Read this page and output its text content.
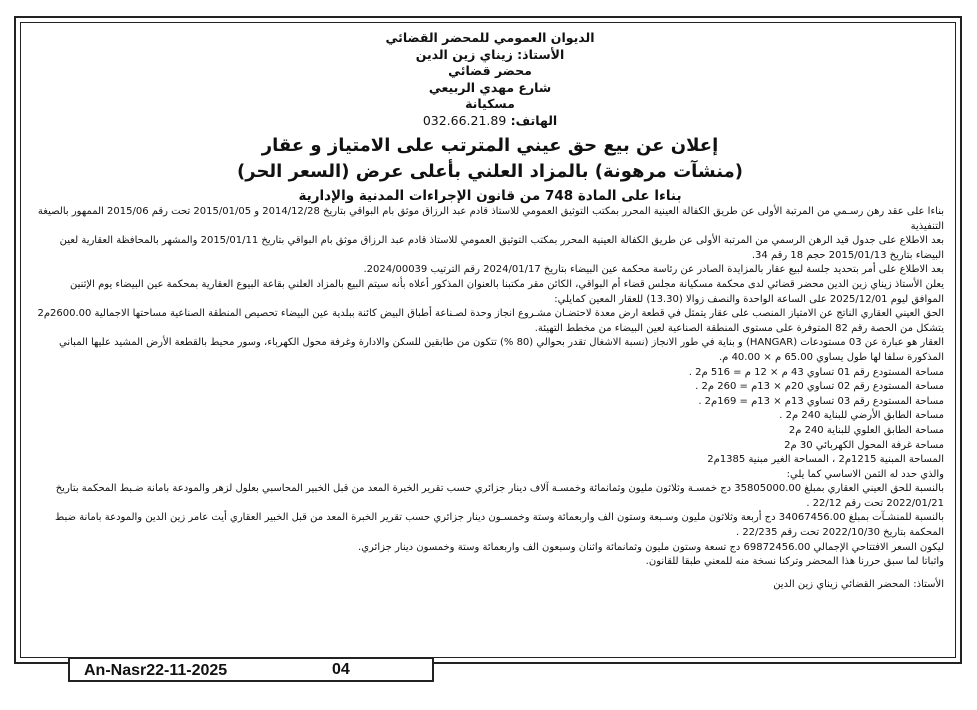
الديوان العمومي للمحضر القضائي
الأستاذ: زيناي زين الدين
محضر قضائي
شارع مهدي الربيعي
مسكيانة
الهاتف: 032.66.21.89
إعلان عن بيع حق عيني المترتب على الامتياز و عقار
(منشآت مرهونة) بالمزاد العلني بأعلى عرض (السعر الحر)
بناءا على المادة 748 من قانون الإجراءات المدنية والإدارية

بناءا على عقد رهن رسـمي من المرتبة الأولى عن طريق الكفالة العينية المحرر بمكتب التوثيق العمومي للاستاذ قادم عبد الرزاق موثق بام البواقي بتاريخ 2014/12/28 و 2015/01/05 تحت رقم 2015/06 الممهور بالصيغة التنفيذية

بعد الاطلاع على جدول قيد الرهن الرسمي من المرتبة الأولى عن طريق الكفالة العينية المحرر بمكتب التوثيق العمومي للاستاذ قادم عبد الرزاق موثق بام البواقي بتاريخ 2015/01/11 والمشهر بالمحافظة العقارية لعين البيضاء بتاريخ 2015/01/13 حجم 18 رقم 34.

بعد الاطلاع على أمر بتحديد جلسة لبيع عقار بالمزايدة الصادر عن رئاسة محكمة عين البيضاء بتاريخ 2024/01/17 رقم الترتيب 2024/00039.

يعلن الأستاذ زيناي زين الدين محضر قضائي لدى محكمة مسكيانة مجلس قضاء أم البواقي، الكائن مقر مكتبنا بالعنوان المذكور أعلاه بأنه سيتم البيع بالمزاد العلني بقاعة البيوع العقارية بمحكمة عين البيضاء يوم الإثنين الموافق ليوم 2025/12/01 على الساعة الواحدة والنصف زوالا (13.30) للعقار المعين كمايلي:

الحق العيني العقاري الناتج عن الامتياز المنصب على عقار يتمثل في قطعة ارض معدة لاحتضـان مشـروع انجاز وحدة لصـناعة أطباق البيض كائنة ببلدية عين البيضاء تحصيص المنطقة الصناعية مساحتها الاجمالية 2600.00م2 يتشكل من الحصة رقم 82 المتوفرة على مستوى المنطقة الصناعية لعين البيضاء من مخطط التهيئة.

العقار هو عبارة عن 03 مستودعات (HANGAR) و بناية في طور الانجاز (نسبة الاشغال تقدر بحوالي (80 %) تتكون من طابقين للسكن والادارة وغرفة محول الكهرباء، وسور محيط بالقطعة الأرض المشيد عليها المباني المذكورة سلفا لها طول يساوي 65.00 م × 40.00 م.

مساحة المستودع رقم 01 تساوي 43 م × 12 م = 516 م2 .

مساحة المستودع رقم 02 تساوي 20م × 13م = 260 م2 .

مساحة المستودع رقم 03 تساوي 13م × 13م = 169م2 .

مساحة الطابق الأرضي للبناية 240 م2 .

مساحة الطابق العلوي للبناية 240 م2

مساحة غرفة المحول الكهربائي 30 م2

المساحة المبنية 1215م2 ، المساحة الغير مبنية 1385م2

والذي حدد له الثمن الاساسي كما يلي:

بالنسبة للحق العيني العقاري بمبلغ 35805000.00 دج خمسـة وثلاثون مليون وثمانمائة وخمسـة آلاف دينار جزائري حسب تقرير الخبرة المعد من قبل الخبير المحاسبي بعلول لزهر والمودعة بامانة ضـبط المحكمة بتاريخ 2022/01/21 تحت رقم 22/12 .

بالنسبة للمنشـآت بمبلغ 34067456.00 دج أربعة وثلاثون مليون وسـبعة وستون الف واربعمائة وستة وخمسـون دينار جزائري حسب تقرير الخبرة المعد من قبل الخبير العقاري أيت عامر زين الدين والمودعة بامانة ضبط المحكمة بتاريخ 2022/10/30 تحت رقم 22/235 .

ليكون السعر الافتتاحي الإجمالي 69872456.00 دج تسعة وستون مليون وثمانمائة واثنان وسبعون الف واربعمائة وستة وخمسون دينار جزائري.

واثباتا لما سبق حررنا هذا المحضر وتركنا نسخة منه للمعني طبقا للقانون.

الأستاذ: المحضر القضائي زيناي زين الدين
An-Nasr22-11-2025	04
